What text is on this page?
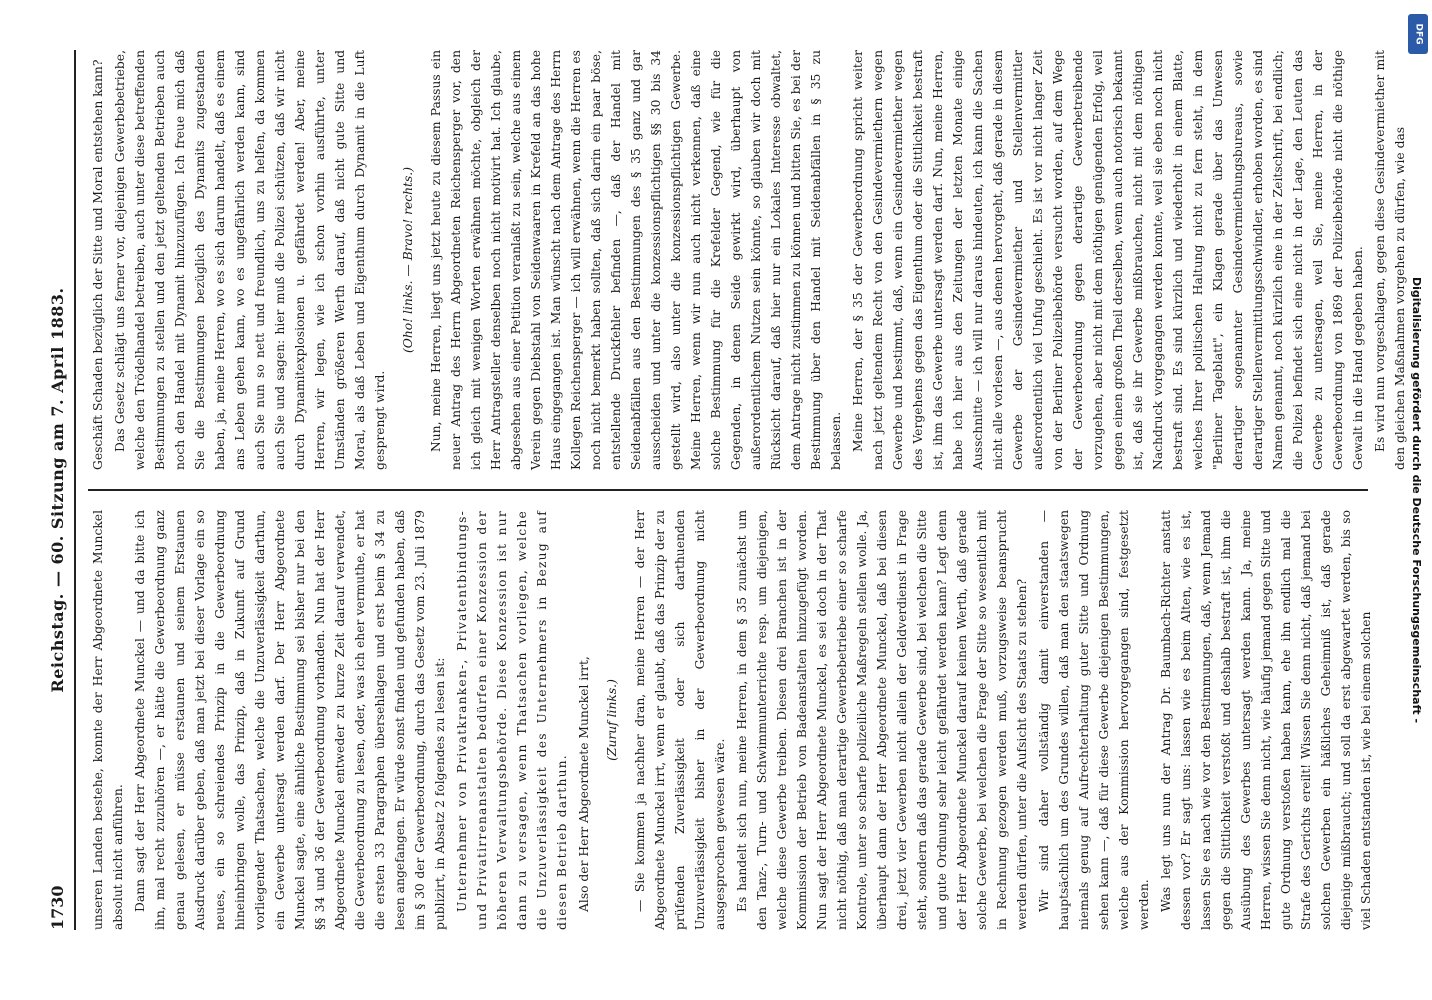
1730
Reichstag. — 60. Sitzung am 7. April 1883.

unseren Landen bestehe, konnte der Herr Abgeordnete Munckel absolut nicht anführen. Dann sagt der Herr Abgeordnete Munckel — und da bitte ich ihn, mal recht zuzuhören —, er hätte die Gewerbeordnung ganz genau gelesen, er müsse erstaunen und seinem Erstaunen Ausdruck darüber geben, daß man jetzt bei dieser Vorlage ein so neues, ein so schreiendes Prinzip in die Gewerbeordnung hineinbringen wolle, das Prinzip, daß in Zukunft auf Grund vorliegender Thatsachen, welche die Unzuverlässigkeit darthun, ein Gewerbe untersagt werden darf. Der Herr Abgeordnete Munckel sagte, eine ähnliche Bestimmung sei bisher nur bei den §§ 34 und 36 der Gewerbeordnung vorhanden. Nun hat der Herr Abgeordnete Munckel entweder zu kurze Zeit darauf verwendet, die Gewerbeordnung zu lesen, oder, was ich eher vermuthe, er hat die ersten 33 Paragraphen übersehlagen und erst beim § 34 zu lesen angefangen. Er würde sonst finden und gefunden haben, daß im § 30 der Gewerbeordnung, durch das Gesetz vom 23. Juli 1879 publizirt, in Absatz 2 folgendes zu lesen ist: Unternehmer von Privatkranken-, Privatentbindungs- und Privatirrenanstalten bedürfen einer Konzession der höheren Verwaltungsbehörde. Diese Konzession ist nur dann zu versagen, wenn Thatsachen vorliegen, welche die Unzuverlässigkeit des Unternehmers in Bezug auf diesen Betrieb darthun. Also der Herr Abgeordnete Munckel irrt, (Zuruf links.) — Sie kommen ja nachher dran, meine Herren — der Herr Abgeordnete Munckel irrt, wenn er glaubt, daß das Prinzip der zu prüfenden Zuverlässigkeit oder sich darthuenden Unzuverlässigkeit bisher in der Gewerbeordnung nicht ausgesprochen gewesen wäre. Es handelt sich nun, meine Herren, in dem § 35 zunächst um den Tanz-, Turn- und Schwimmunterrichte resp. um diejenigen, welche diese Gewerbe treiben. Diesen drei Branchen ist in der Kommission der Betrieb von Badeanstalten hinzugefügt worden. Nun sagt der Herr Abgeordnete Munckel, es sei doch in der That nicht nöthig, daß man derartige Gewerbebetriebe einer so scharfe Kontrole, unter so scharfe polizeiliche Maßregeln stellen wolle. Ja, überhaupt dann der Herr Abgeordnete Munckel, daß bei diesen drei, jetzt vier Gewerben nicht allein der Geldverdienst in Frage steht, sondern daß das gerade Gewerbe sind, bei welchen die Sitte und gute Ordnung sehr leicht gefährdet werden kann? Legt denn der Herr Abgeordnete Munckel darauf keinen Werth, daß gerade solche Gewerbe, bei welchen die Frage der Sitte so wesentlich mit in Rechnung gezogen werden muß, vorzugsweise beansprucht werden dürfen, unter die Aufsicht des Staats zu stehen? Wir sind daher vollständig damit einverstanden — hauptsächlich um des Grundes willen, daß man den staatswegen niemals genug auf Aufrechterhaltung guter Sitte und Ordnung sehen kann —, daß für diese Gewerbe diejenigen Bestimmungen, welche aus der Kommission hervorgegangen sind, festgesetzt werden. Was legt uns nun der Antrag Dr. Baumbach-Richter anstatt dessen vor? Er sagt uns: lassen wie es beim Alten, wie es ist, lassen Sie es nach wie vor den Bestimmungen, daß, wenn Jemand gegen die Sittlichkeit verstoßt und deshalb bestraft ist, ihm die Ausübung des Gewerbes untersagt werden kann. Ja, meine Herren, wissen Sie denn nicht, wie häufig jemand gegen Sitte und gute Ordnung verstoßen haben kann, ehe ihn endlich mal die Strafe des Gerichts ereilt! Wissen Sie denn nicht, daß jemand bei solchen Gewerben ein häßliches Geheimniß ist, daß gerade diejenige mißbraucht; und soll da erst abgewartet werden, bis so viel Schaden entstanden ist, wie bei einem solchen

Geschäft Schaden bezüglich der Sitte und Moral entstehen kann? Das Gesetz schlägt uns ferner vor, diejenigen Gewerbebetriebe, welche den Trödelhandel betreiben, auch unter diese betreffenden Bestimmungen zu stellen und den jetzt geltenden Betrieben auch noch den Handel mit Dynamit hinzuzufügen. Ich freue mich daß Sie die Bestimmungen bezüglich des Dynamits zugestanden haben, ja, meine Herren, wo es sich darum handelt, daß es einem ans Leben gehen kann, wo es ungefährlich werden kann, sind auch Sie nun so nett und freundlich, uns zu helfen, da kommen auch Sie und sagen: hier muß die Polizei schützen, daß wir nicht durch Dynamitexplosionen u. gefährdet werden! Aber, meine Herren, wir legen, wie ich schon vorhin ausführte, unter Umständen größeren Werth darauf, daß nicht gute Sitte und Moral, als daß Leben und Eigenthum durch Dynamit in die Luft gesprengt wird.

(Oho! links. — Bravo! rechts.) Nun, meine Herren, liegt uns jetzt heute zu diesem Passus ein neuer Antrag des Herrn Abgeordneten Reichensperger vor, den ich gleich mit wenigen Worten erwähnen möchte, obgleich der Herr Antragsteller denselben noch nicht motivirt hat. Ich glaube, abgesehen aus einer Petition veranlaßt zu sein, welche aus einem Verein gegen Diebstahl von Seidenwaaren in Krefeld an das hohe Haus eingegangen ist. Man wünscht nach dem Antrage des Herrn Kollegen Reichensperger — ich will erwähnen, wenn die Herren es noch nicht bemerkt haben sollten, daß sich darin ein paar böse, entstellende Druckfehler befinden —, daß der Handel mit Seidenabfällen aus den Bestimmungen des § 35 ganz und gar ausscheiden und unter die konzessionspflichtigen §§ 30 bis 34 gestellt wird, also unter die konzessionspflichtigen Gewerbe. Meine Herren, wenn wir nun auch nicht verkennen, daß eine solche Bestimmung für die Krefelder Gegend, wie für die Gegenden, in denen Seide gewirkt wird, überhaupt von außerordentlichem Nutzen sein könnte, so glauben wir doch mit Rücksicht darauf, daß hier nur ein Lokales Interesse obwaltet, dem Antrage nicht zustimmen zu können und bitten Sie, es bei der Bestimmung über den Handel mit Seidenabfällen in § 35 zu belassen. Meine Herren, der § 35 der Gewerbeordnung spricht weiter nach jetzt geltendem Recht von den Gesindevermiethern wegen Gewerbe und bestimmt, daß, wenn ein Gesindevermiether wegen des Vergehens gegen das Eigenthum oder die Sittlichkeit bestraft ist, ihm das Gewerbe untersagt werden darf. Nun, meine Herren, habe ich hier aus den Zeitungen der letzten Monate einige Ausschnitte — ich will nur daraus hindeuten, ich kann die Sachen nicht alle vorlesen —, aus denen hervorgeht, daß gerade in diesem Gewerbe der Gesindevermiether und Stellenvermittler außerordentlich viel Unfug geschieht. Es ist vor nicht langer Zeit von der Berliner Polizeibehörde versucht worden, auf dem Wege der Gewerbeordnung gegen derartige Gewerbetreibende vorzugehen, aber nicht mit dem nöthigen genügenden Erfolg, weil gegen einen großen Theil derselben, wenn auch notorisch bekannt ist, daß sie ihr Gewerbe mißbrauchen, nicht mit dem nöthigen Nachdruck vorgegangen werden konnte, weil sie eben noch nicht bestraft sind. Es sind kürzlich und wiederholt in einem Blatte, welches Ihrer politischen Haltung nicht zu fern steht, in dem "Berliner Tageblatt", ein Klagen gerade über das Unwesen derartiger sogenannter Gesindevermiethungsbureaus, sowie derartiger Stellenvermittlungsschwindler, erhoben worden, es sind Namen genannt, noch kürzlich eine in der Zeitschrift, bei endlich; die Polizei befindet sich eine nicht in der Lage, den Leuten das Gewerbe zu untersagen, weil Sie, meine Herren, in der Gewerbeordnung von 1869 der Polizeibehörde nicht die nöthige Gewalt in die Hand gegeben haben. Es wird nun vorgeschlagen, gegen diese Gesindevermiether mit den gleichen Maßnahmen vorgehen zu dürfen, wie das Digitalisierung gefördert durch die Deutsche Forschungsgemeinschaft -
DFG
